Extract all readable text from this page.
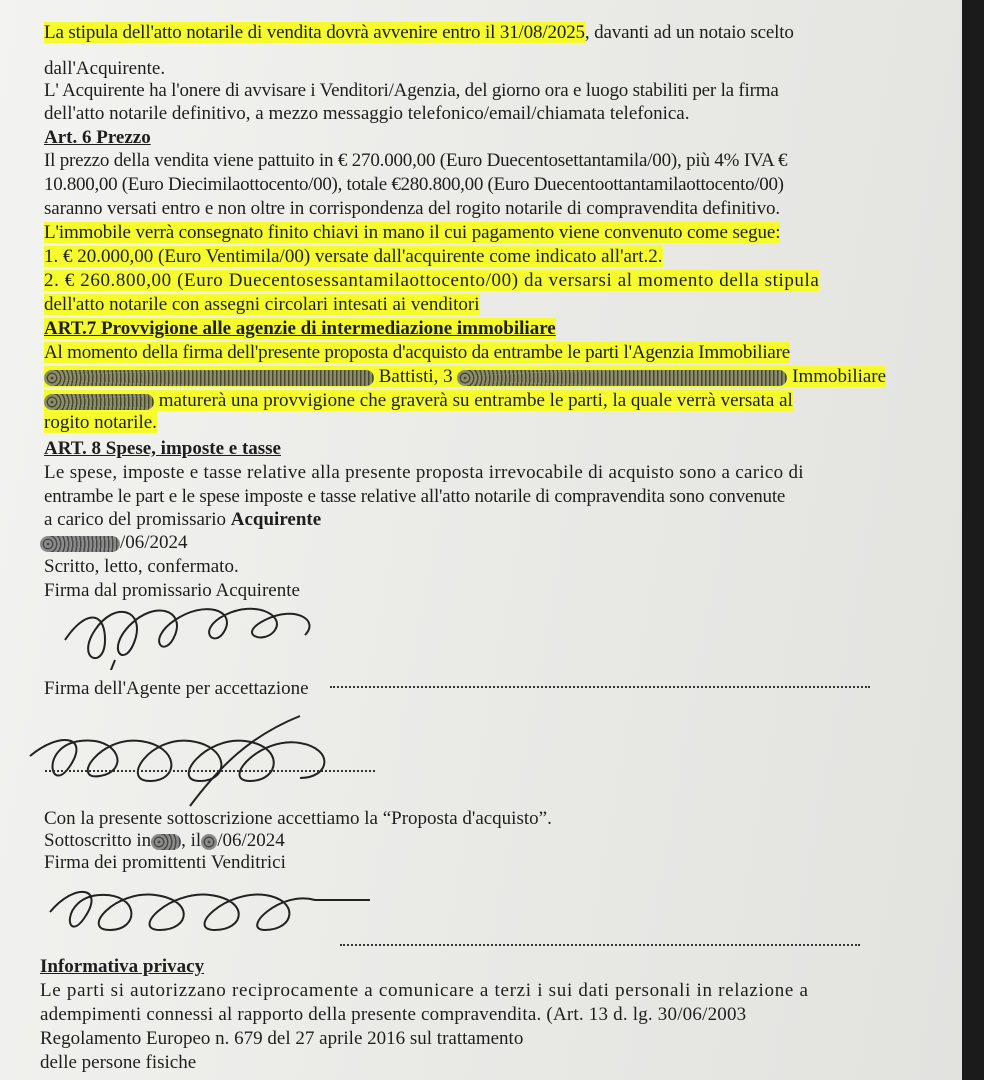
La stipula dell'atto notarile di vendita dovrà avvenire entro il 31/08/2025, davanti ad un notaio scelto
dall'Acquirente.
L' Acquirente ha l'onere di avvisare i Venditori/Agenzia, del giorno ora e luogo stabiliti per la firma
dell'atto notarile definitivo, a mezzo messaggio telefonico/email/chiamata telefonica.
Art. 6 Prezzo
Il prezzo della vendita viene pattuito in € 270.000,00 (Euro Duecentosettantamila/00), più 4% IVA €
10.800,00 (Euro Diecimilaottocento/00), totale €280.800,00 (Euro Duecentoottantamilaottocento/00)
saranno versati entro e non oltre in corrispondenza del rogito notarile di compravendita definitivo.
L'immobile verrà consegnato finito chiavi in mano il cui pagamento viene convenuto come segue:
1. € 20.000,00 (Euro Ventimila/00) versate dall'acquirente come indicato all'art.2.
2. € 260.800,00 (Euro Duecentosessantamilaottocento/00) da versarsi al momento della stipula
dell'atto notarile con assegni circolari intesati ai venditori
ART.7 Provvigione alle agenzie di intermediazione immobiliare
Al momento della firma dell'presente proposta d'acquisto da entrambe le parti l'Agenzia Immobiliare
Battisti, 3	Immobiliare
maturerà una provvigione che graverà su entrambe le parti, la quale verrà versata al
rogito notarile.
ART. 8 Spese, imposte e tasse
Le spese, imposte e tasse relative alla presente proposta irrevocabile di acquisto sono a carico di
entrambe le part e le spese imposte e tasse relative all'atto notarile di compravendita sono convenute
a carico del promissario Acquirente
/06/2024
Scritto, letto, confermato.
Firma dal promissario Acquirente
Firma dell'Agente per accettazione
Con la presente sottoscrizione accettiamo la “Proposta d'acquisto”.
Sottoscritto in , il /06/2024
Firma dei promittenti Venditrici
Informativa privacy
Le parti si autorizzano reciprocamente a comunicare a terzi i sui dati personali in relazione a
adempimenti connessi al rapporto della presente compravendita. (Art. 13 d. lg. 30/06/2003
Regolamento Europeo n. 679 del 27 aprile 2016 sul trattamento
delle persone fisiche
